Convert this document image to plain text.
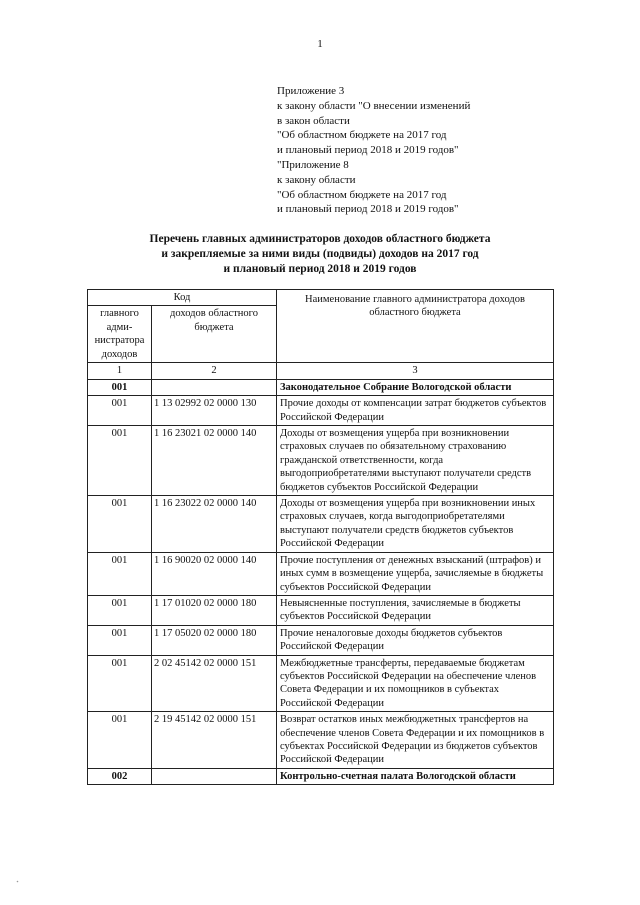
1
Приложение 3
к закону области "О внесении изменений
в закон области
"Об областном бюджете на 2017 год
и плановый период 2018 и 2019 годов"
"Приложение 8
к закону области
"Об областном бюджете на 2017 год
и плановый период 2018 и 2019 годов"
Перечень главных администраторов доходов областного бюджета
и закрепляемые за ними виды (подвиды) доходов на 2017 год
и плановый период 2018 и 2019 годов
Код		Наименование главного администратора доходов областного бюджета
главного адми-нистратора доходов	доходов областного бюджета	
1	2	3
001		Законодательное Собрание Вологодской области
001	1 13 02992 02 0000 130	Прочие доходы от компенсации затрат бюджетов субъектов Российской Федерации
001	1 16 23021 02 0000 140	Доходы от возмещения ущерба при возникновении страховых случаев по обязательному страхованию гражданской ответственности, когда выгодоприобретателями выступают получатели средств бюджетов субъектов Российской Федерации
001	1 16 23022 02 0000 140	Доходы от возмещения ущерба при возникновении иных страховых случаев, когда выгодоприобретателями выступают получатели средств бюджетов субъектов Российской Федерации
001	1 16 90020 02 0000 140	Прочие поступления от денежных взысканий (штрафов) и иных сумм в возмещение ущерба, зачисляемые в бюджеты субъектов Российской Федерации
001	1 17 01020 02 0000 180	Невыясненные поступления, зачисляемые в бюджеты субъектов Российской Федерации
001	1 17 05020 02 0000 180	Прочие неналоговые доходы бюджетов субъектов Российской Федерации
001	2 02 45142 02 0000 151	Межбюджетные трансферты, передаваемые бюджетам субъектов Российской Федерации на обеспечение членов Совета Федерации и их помощников в субъектах Российской Федерации
001	2 19 45142 02 0000 151	Возврат остатков иных межбюджетных трансфертов на обеспечение членов Совета Федерации и их помощников в субъектах Российской Федерации из бюджетов субъектов Российской Федерации
002		Контрольно-счетная палата Вологодской области
